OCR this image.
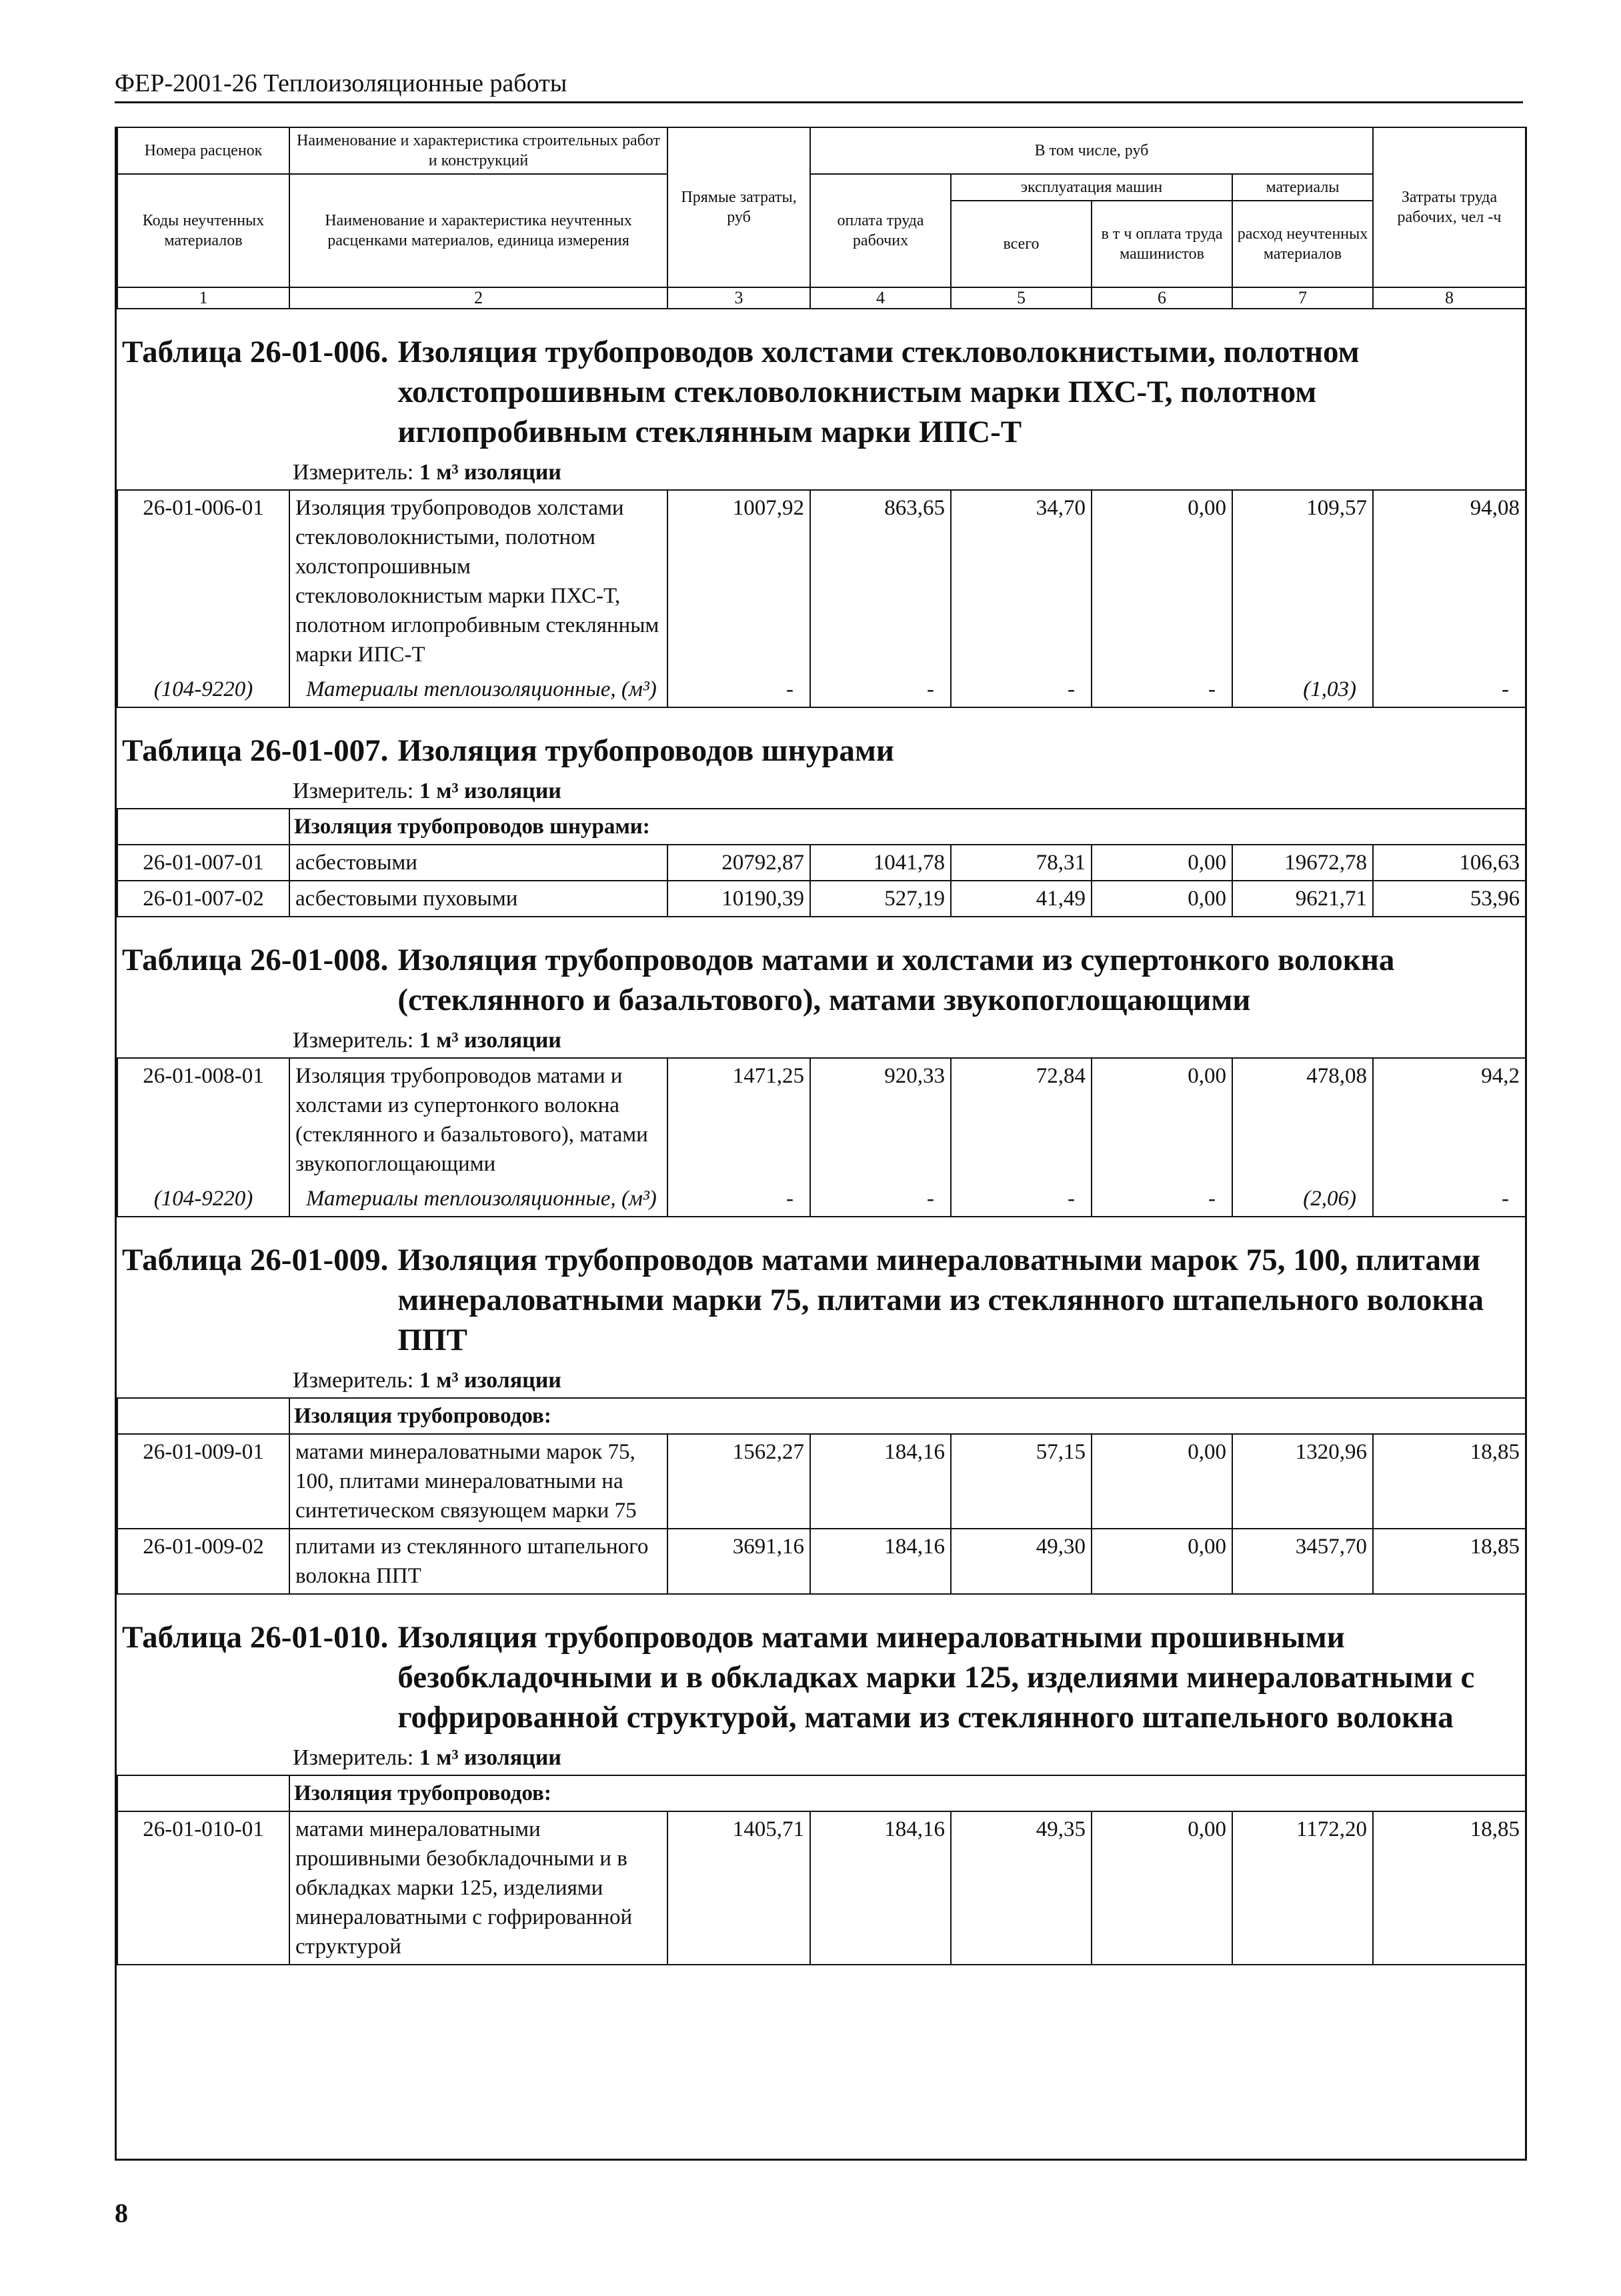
ФЕР-2001-26 Теплоизоляционные работы
Номера расценок	Наименование и характеристика строительных работ и конструкций	Прямые затраты, руб	В том числе, руб				Затраты труда рабочих, чел -ч
Коды неучтенных материалов	Наименование и характеристика неучтенных расценками материалов, единица измерения		оплата труда рабочих	эксплуатация машин		материалы	
				всего	в т ч оплата труда машинистов	расход неучтенных материалов	
1	2	3	4	5	6	7	8
Таблица 26-01-006. Изоляция трубопроводов холстами стекловолокнистыми, полотном холстопрошивным стекловолокнистым марки ПХС-Т, полотном иглопробивным стеклянным марки ИПС-Т
Измеритель: 1 м³ изоляции
26-01-006-01	Изоляция трубопроводов холстами стекловолокнистыми, полотном холстопрошивным стекловолокнистым марки ПХС-Т, полотном иглопробивным стеклянным марки ИПС-Т	1007,92	863,65	34,70	0,00	109,57	94,08
(104-9220)	Материалы теплоизоляционные, (м³)	-	-	-	-	(1,03)	-
Таблица 26-01-007. Изоляция трубопроводов шнурами
Измеритель: 1 м³ изоляции
	Изоляция трубопроводов шнурами:						
26-01-007-01	асбестовыми	20792,87	1041,78	78,31	0,00	19672,78	106,63
26-01-007-02	асбестовыми пуховыми	10190,39	527,19	41,49	0,00	9621,71	53,96
Таблица 26-01-008. Изоляция трубопроводов матами и холстами из супертонкого волокна (стеклянного и базальтового), матами звукопоглощающими
Измеритель: 1 м³ изоляции
26-01-008-01	Изоляция трубопроводов матами и холстами из супертонкого волокна (стеклянного и базальтового), матами звукопоглощающими	1471,25	920,33	72,84	0,00	478,08	94,2
(104-9220)	Материалы теплоизоляционные, (м³)	-	-	-	-	(2,06)	-
Таблица 26-01-009. Изоляция трубопроводов матами минераловатными марок 75, 100, плитами минераловатными марки 75, плитами из стеклянного штапельного волокна ППТ
Измеритель: 1 м³ изоляции
	Изоляция трубопроводов:						
26-01-009-01	матами минераловатными марок 75, 100, плитами минераловатными на синтетическом связующем марки 75	1562,27	184,16	57,15	0,00	1320,96	18,85
26-01-009-02	плитами из стеклянного штапельного волокна ППТ	3691,16	184,16	49,30	0,00	3457,70	18,85
Таблица 26-01-010. Изоляция трубопроводов матами минераловатными прошивными безобкладочными и в обкладках марки 125, изделиями минераловатными с гофрированной структурой, матами из стеклянного штапельного волокна
Измеритель: 1 м³ изоляции
	Изоляция трубопроводов:						
26-01-010-01	матами минераловатными прошивными безобкладочными и в обкладках марки 125, изделиями минераловатными с гофрированной структурой	1405,71	184,16	49,35	0,00	1172,20	18,85
8
